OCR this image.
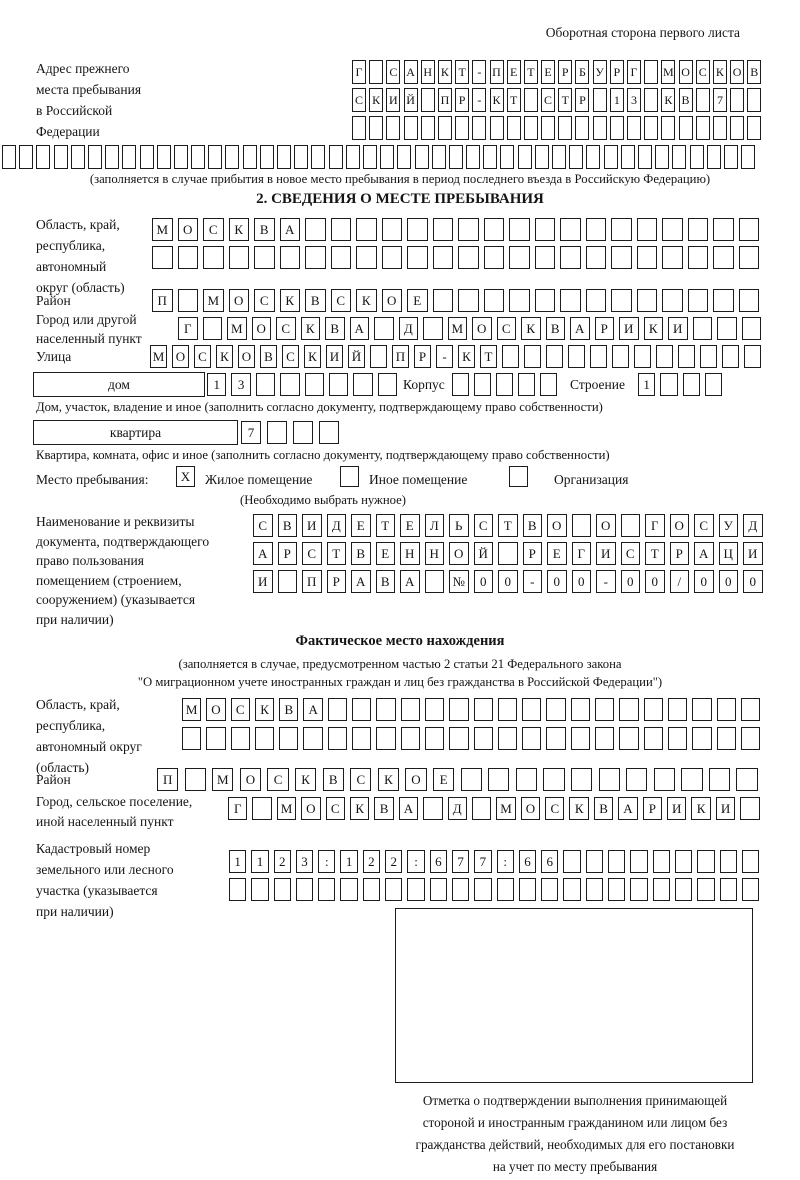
Оборотная сторона первого листа
Адрес прежнего
места пребывания
в Российской
Федерации
Г С А Н К Т - П Е Т Е Р Б У Р Г М О С К О В
С К И Й П Р - К Т С Т Р	1 3	К В	7
(заполняется в случае прибытия в новое место пребывания в период последнего въезда в Российскую Федерацию)
2. СВЕДЕНИЯ О МЕСТЕ ПРЕБЫВАНИЯ
Область, край,
республика,
автономный
округ (область)
М	О	С	К	В	А
Район	П	М	О	С	К	В	С	К	О	Е
Город или другой
населенный пункт
Г	М	О	С	К	В	А	Д	М	О	С	К	В	А	Р	И	К	И
Улица	М О С	К О В	С	К И Й	П	Р	-	К	Т
дом	1	3	Корпус	Строение	1
Дом, участок, владение и иное (заполнить согласно документу, подтверждающему право собственности)
квартира	7
Квартира, комната, офис и иное (заполнить согласно документу, подтверждающему право собственности)
Место пребывания:	X	Жилое помещение	Иное помещение	Организация
(Необходимо выбрать нужное)
Наименование и реквизиты
документа, подтверждающего
право пользования
помещением (строением,
сооружением) (указывается
при наличии)
С	В	И	Д	Е	Т	Е	Л	Ь	С	Т	В	О	О	Г	О	С	У	Д
А	Р	С	Т	В	Е	Н	Н	О	Й	Р	Е	Г	И	С	Т	Р	А	Ц	И
И	П	Р	А	В	А	№	0	0	-	0	0	-	0	0	/	0	0	0
Фактическое место нахождения
(заполняется в случае, предусмотренном частью 2 статьи 21 Федерального закона
"О миграционном учете иностранных граждан и лиц без гражданства в Российской Федерации")
Область, край,
республика,
автономный округ
(область)
М	О	С	К	В	А
Район	П	М	О	С	К	В	С	К	О	Е
Город, сельское поселение,
иной населенный пункт
Г	М	О	С	К	В	А	Д	М	О	С	К	В	А	Р	И	К	И
Кадастровый номер
земельного или лесного
участка (указывается
при наличии)
1	1	2	3	:	1	2	2	:	6	7	7	:	6	6
Отметка о подтверждении выполнения принимающей
стороной и иностранным гражданином или лицом без
гражданства действий, необходимых для его постановки
на учет по месту пребывания
